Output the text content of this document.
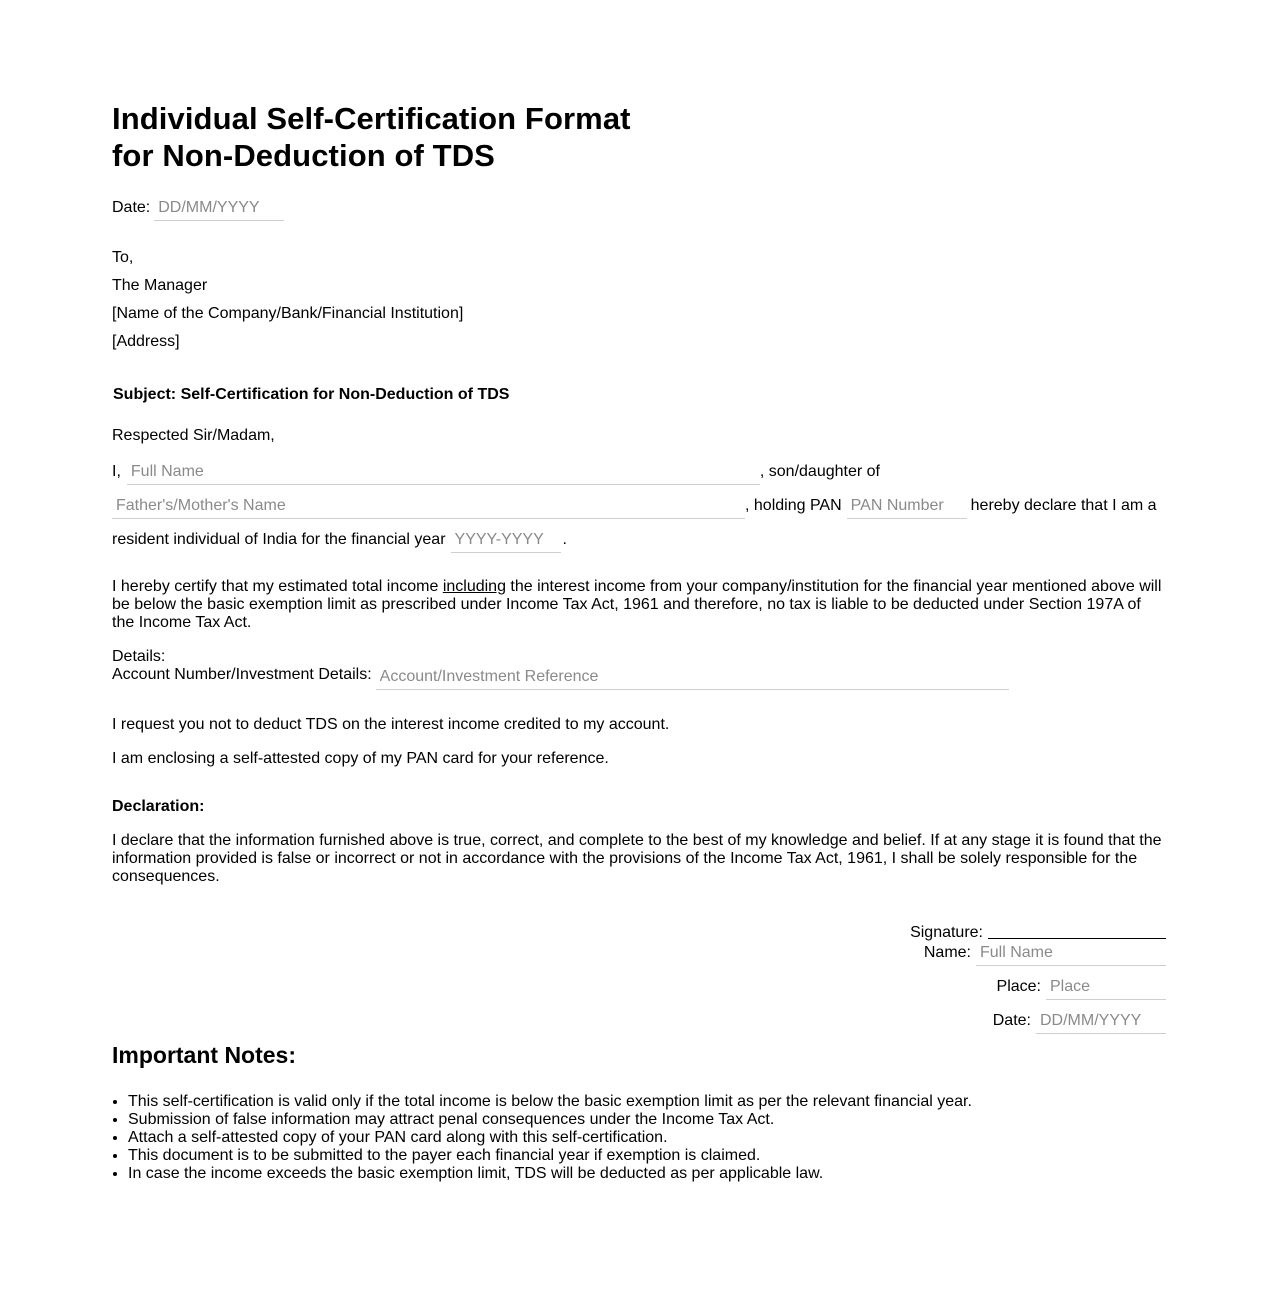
Individual Self-Certification Format
for Non-Deduction of TDS
Date:
DD/MM/YYYY
To,
The Manager
[Name of the Company/Bank/Financial Institution]
[Address]
Subject: Self-Certification for Non-Deduction of TDS
Respected Sir/Madam,
I,
Full Name	, son/daughter of
Father's/Mother's Name
, holding PAN
PAN Number	hereby declare that I am a
resident individual of India for the financial year
YYYY-YYYY	.
I hereby certify that my estimated total income including the interest income from your company/institution for the financial year mentioned above will be below the basic exemption limit as prescribed under Income Tax Act, 1961 and therefore, no tax is liable to be deducted under Section 197A of the Income Tax Act.
Details:
Account Number/Investment Details:
Account/Investment Reference
I request you not to deduct TDS on the interest income credited to my account.
I am enclosing a self-attested copy of my PAN card for your reference.
Declaration:
I declare that the information furnished above is true, correct, and complete to the best of my knowledge and belief. If at any stage it is found that the information provided is false or incorrect or not in accordance with the provisions of the Income Tax Act, 1961, I shall be solely responsible for the consequences.
Signature:
Name:
Full Name
Place:
Place
Date:
DD/MM/YYYY
Important Notes:
• This self-certification is valid only if the total income is below the basic exemption limit as per the relevant financial year.
• Submission of false information may attract penal consequences under the Income Tax Act.
• Attach a self-attested copy of your PAN card along with this self-certification.
• This document is to be submitted to the payer each financial year if exemption is claimed.
• In case the income exceeds the basic exemption limit, TDS will be deducted as per applicable law.
